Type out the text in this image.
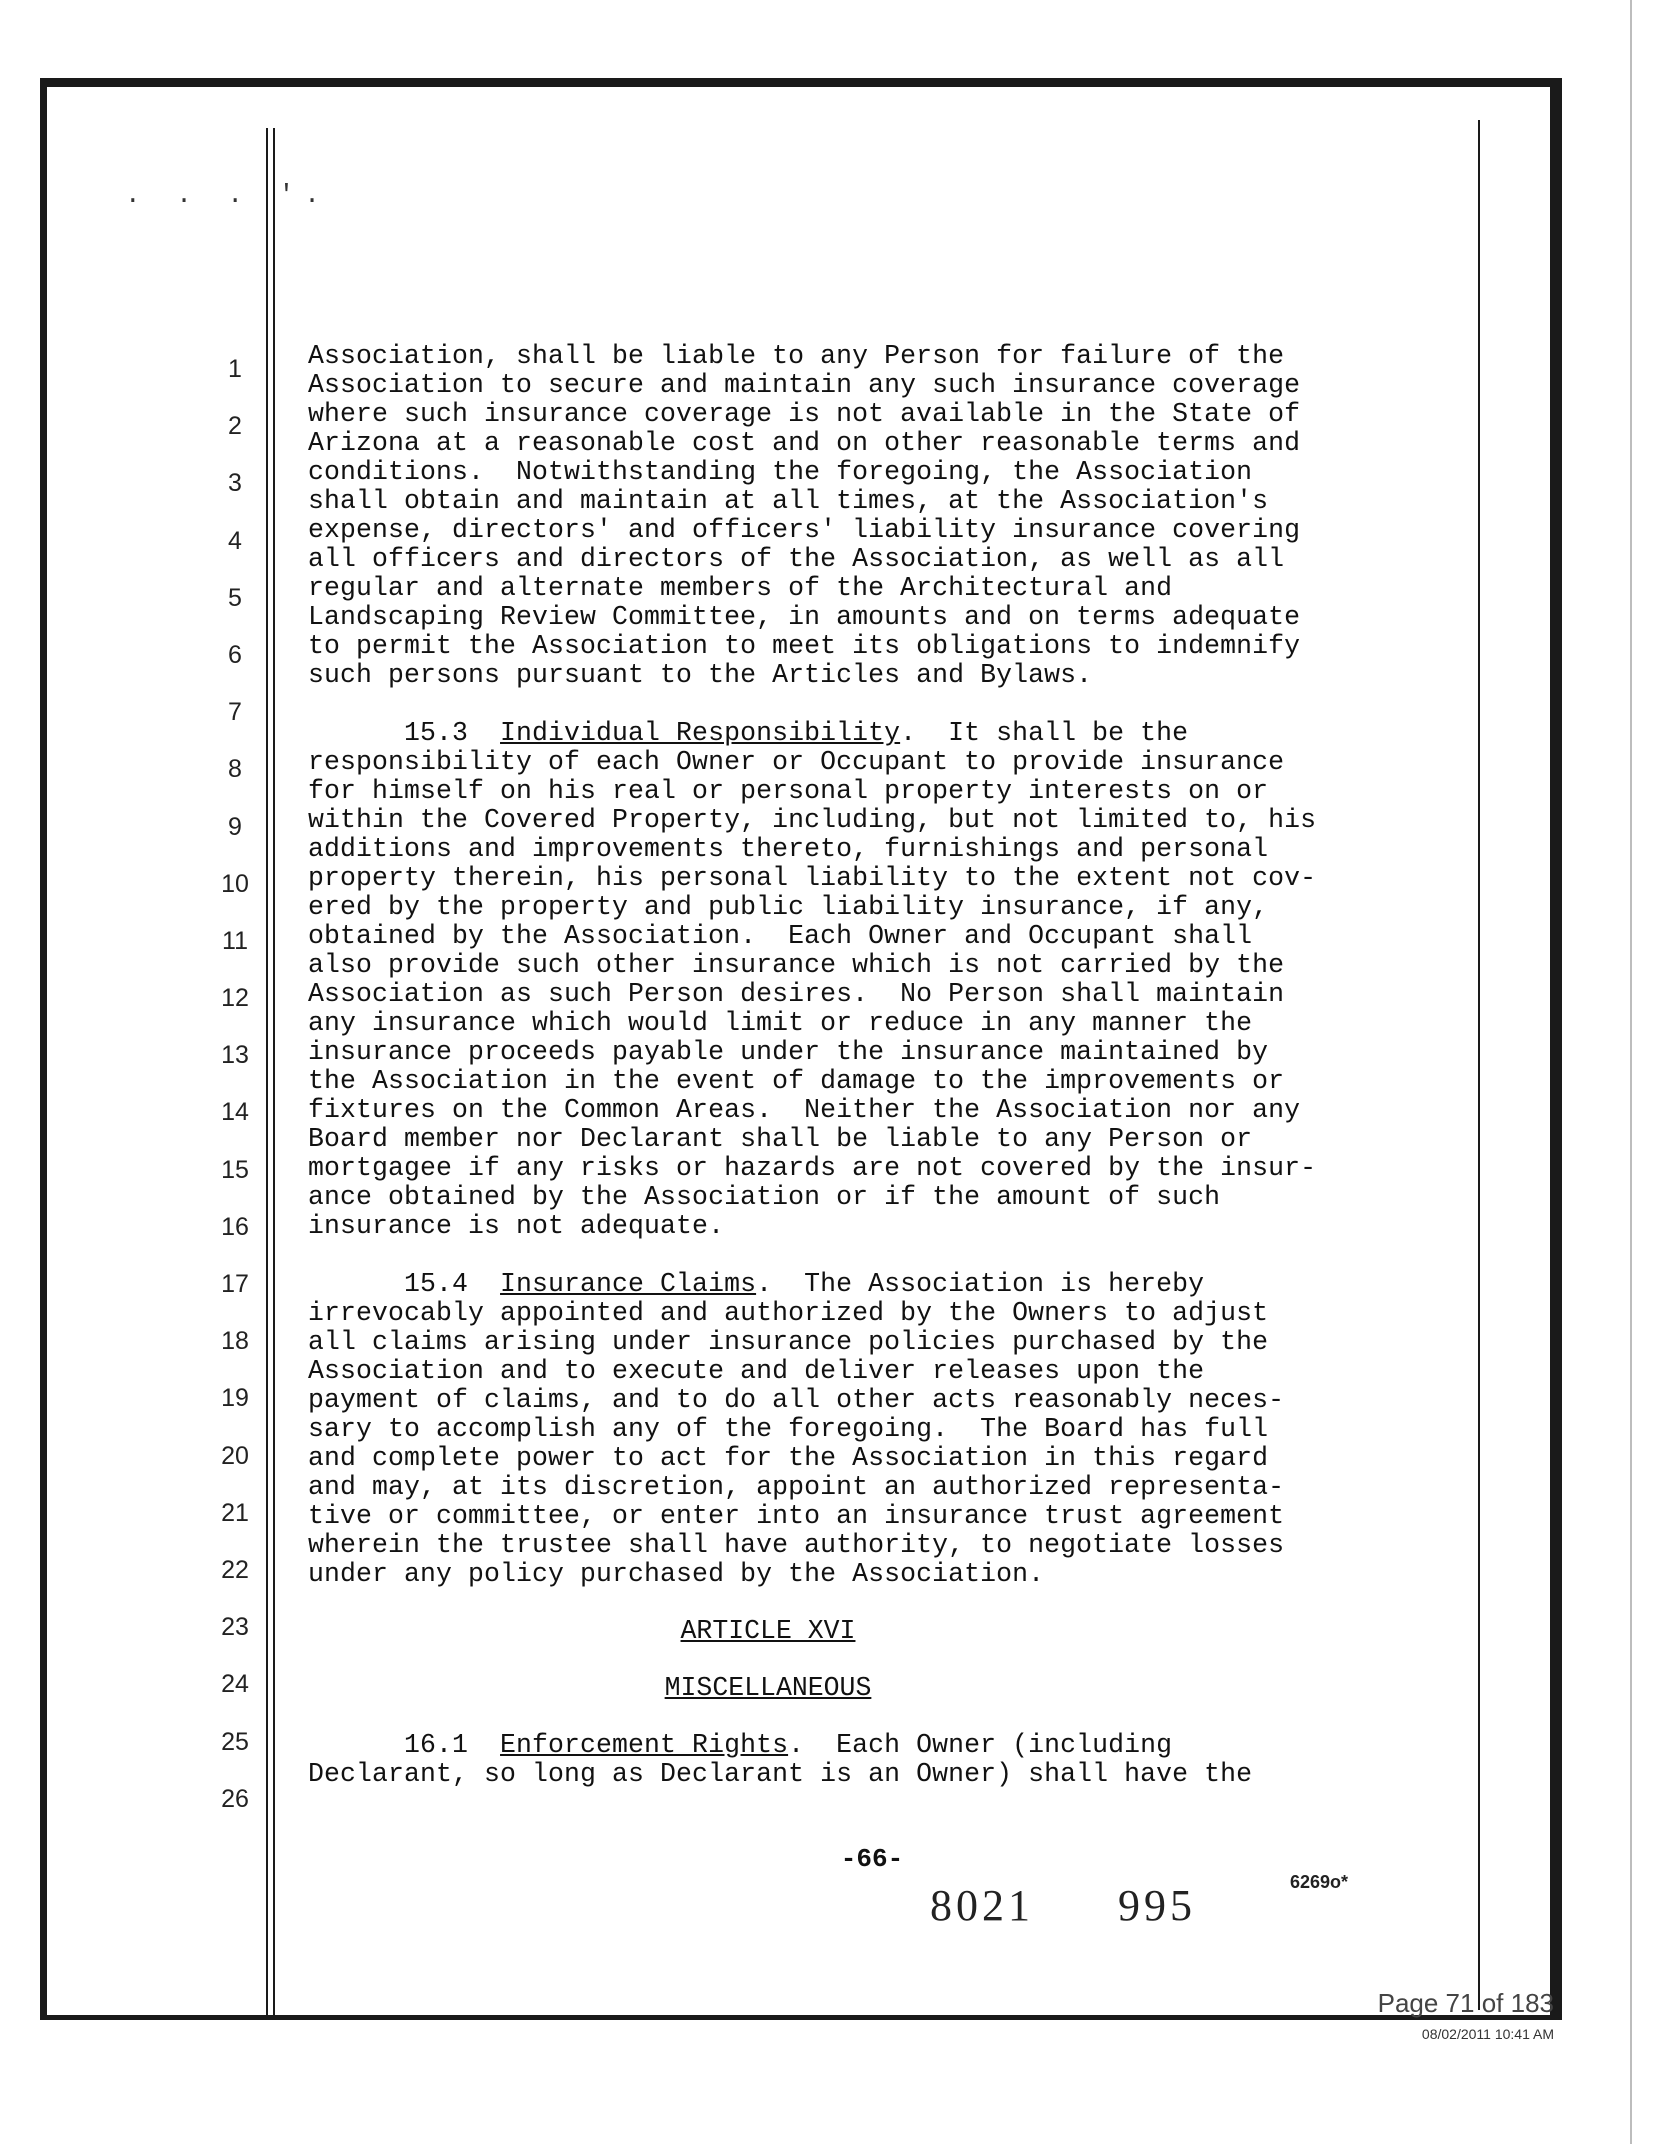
. . . '.
1
2
3
4
5
6
7
8
9
10
11
12
13
14
15
16
17
18
19
20
21
22
23
24
25
26

Association, shall be liable to any Person for failure of the
Association to secure and maintain any such insurance coverage
where such insurance coverage is not available in the State of
Arizona at a reasonable cost and on other reasonable terms and
conditions.  Notwithstanding the foregoing, the Association
shall obtain and maintain at all times, at the Association's
expense, directors' and officers' liability insurance covering
all officers and directors of the Association, as well as all
regular and alternate members of the Architectural and
Landscaping Review Committee, in amounts and on terms adequate
to permit the Association to meet its obligations to indemnify
such persons pursuant to the Articles and Bylaws.

15.3  Individual Responsibility.  It shall be the
responsibility of each Owner or Occupant to provide insurance
for himself on his real or personal property interests on or
within the Covered Property, including, but not limited to, his
additions and improvements thereto, furnishings and personal
property therein, his personal liability to the extent not cov-
ered by the property and public liability insurance, if any,
obtained by the Association.  Each Owner and Occupant shall
also provide such other insurance which is not carried by the
Association as such Person desires.  No Person shall maintain
any insurance which would limit or reduce in any manner the
insurance proceeds payable under the insurance maintained by
the Association in the event of damage to the improvements or
fixtures on the Common Areas.  Neither the Association nor any
Board member nor Declarant shall be liable to any Person or
mortgagee if any risks or hazards are not covered by the insur-
ance obtained by the Association or if the amount of such
insurance is not adequate.

15.4  Insurance Claims.  The Association is hereby
irrevocably appointed and authorized by the Owners to adjust
all claims arising under insurance policies purchased by the
Association and to execute and deliver releases upon the
payment of claims, and to do all other acts reasonably neces-
sary to accomplish any of the foregoing.  The Board has full
and complete power to act for the Association in this regard
and may, at its discretion, appoint an authorized representa-
tive or committee, or enter into an insurance trust agreement
wherein the trustee shall have authority, to negotiate losses
under any policy purchased by the Association.

ARTICLE XVI
MISCELLANEOUS

16.1  Enforcement Rights.  Each Owner (including
Declarant, so long as Declarant is an Owner) shall have the

-66-
8021 995	6269o*
Page 71 of 183
08/02/2011 10:41 AM
